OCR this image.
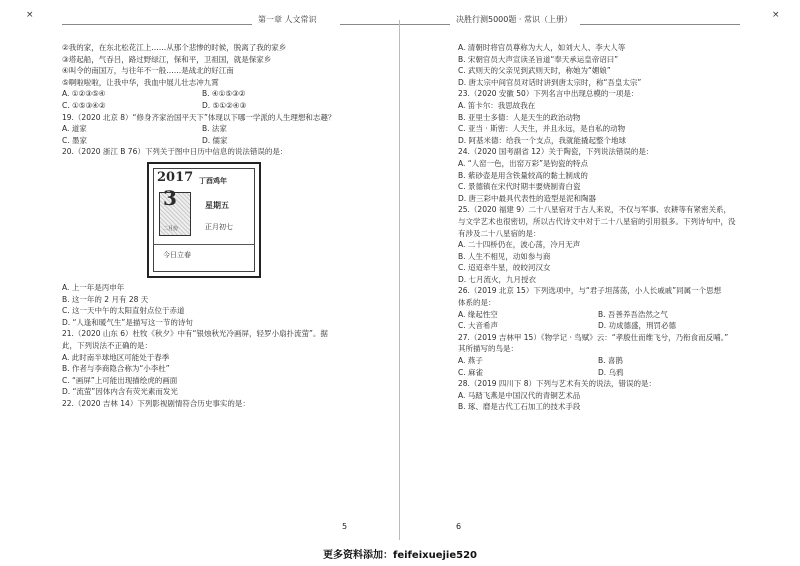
×	第一章 人文常识
②我的家，在东北松花江上……从那个悲惨的时候，脱离了我的家乡
③塔起船，气吞吕，路过野绿江，保和平，卫祖国，就是保家乡
④叫令的南国万，与往年不一般……是战北的好江南
⑤啊啦啦啦，让我中华，我血中展儿壮志冲九霄
A. ①②③⑤④	B. ④①⑤③②
C. ①⑤③④②	D. ⑤①②④③
19.（2020 北京 8）“修身齐家治国平天下”体现以下哪一学派的人生理想和志趣？
A. 道家	B. 法家
C. 墨家	D. 儒家
20.（2020 浙江 B 76）下列关于图中日历中信息的说法错误的是：
2017 丁酉鸡年
3
二月份
星期五
正月初七
今日立春
A. 上一年是丙申年
B. 这一年的 2 月有 28 天
C. 这一天中午的太阳直射点位于赤道
D. “人逢和暖气生”是描写这一节的诗句
21.（2020 山东 6）杜牧《秋夕》中有“银烛秋光冷画屏，轻罗小扇扑流萤”。据
此，下列说法不正确的是：
A. 此时南半球地区可能处于春季
B. 作者与李商隐合称为“小李杜”
C. “画屏”上可能出现描绘虎的画面
D. “流萤”因体内含有荧光素而发光
22.（2020 吉林 14）下列影视剧情符合历史事实的是：
5
决胜行测5000题 · 常识（上册）	×
A. 清朝时将官员尊称为大人，如刘大人、李大人等
B. 宋朝官员大声宣读圣旨道“奉天承运皇帝诏曰”
C. 武则天的父亲见到武则天时，称她为“媚娘”
D. 唐太宗中间官员对话时讲到唐太宗时，称“吾皇太宗”
23.（2020 安徽 50）下列名言中出现总模的一项是：
A. 笛卡尔：我思故我在
B. 亚里士多德：人是天生的政治动物
C. 亚当 · 斯密：人天生，并且永远，是自私的动物
D. 阿基米德：给我一个支点，我就能撬起整个地球
24.（2020 国考副省 12）关于陶瓷，下列说法错误的是：
A. “人窑一色，出窑万彩”是钧瓷的特点
B. 紫砂壶是用含铁量较高的黏土制成的
C. 景德镇在宋代时期丰要烧制青白瓷
D. 唐三彩中最具代表性的造型是泥和陶器
25.（2020 福建 9）二十八星宿对于古人来说，不仅与军事、农耕等有紧密关系，
与文学艺术也很密切，所以古代诗文中对于二十八星宿的引用很多。下列诗句中，没
有涉及二十八星宿的是：
A. 二十四桥仍在，波心荡，冷月无声
B. 人生不相见，动如参与商
C. 迢迢牵牛星，皎皎河汉女
D. 七月流火，九月授衣
26.（2019 北京 15）下列选项中，与“君子坦荡荡，小人长戚戚”同属一个思想
体系的是：
A. 缘起性空	B. 吾善养吾浩然之气
C. 大音希声	D. 功成德盛，刑罚必德
27.（2019 吉林甲 15）《物学记 · 鸟赋》云：“孝殷仕而维飞兮，乃衔食而反哺。”
其所描写的鸟是：
A. 燕子	B. 喜鹊
C. 麻雀	D. 乌鸦
28.（2019 四川下 8）下列与艺术有关的说法，错误的是：
A. 马踏飞燕是中国汉代的青铜艺术品
B. 琢、磨是古代工石加工的技术手段
6
更多资料添加：feifeixuejie520
